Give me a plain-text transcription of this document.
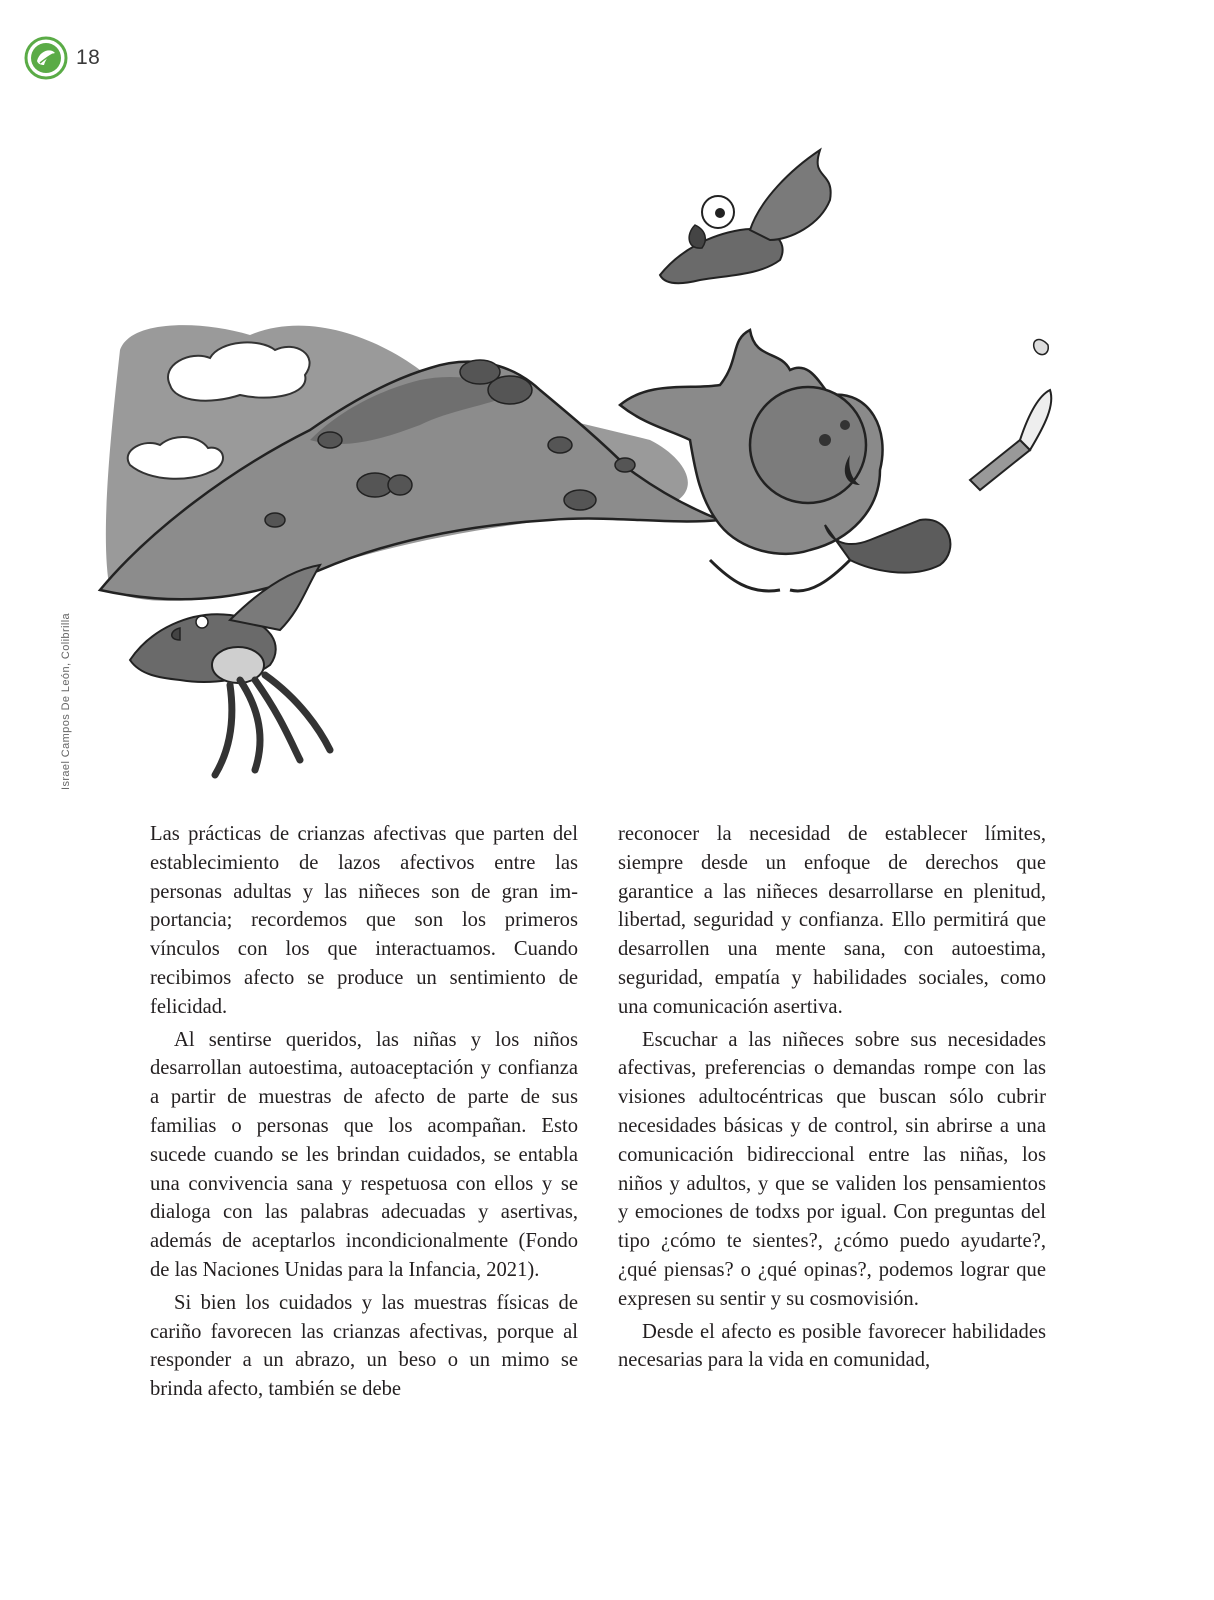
18
Israel Campos De León, Colibrilla

Las prácticas de crianzas afectivas que parten del establecimiento de lazos afectivos entre las personas adultas y las niñeces son de gran importancia; recordemos que son los primeros vínculos con los que interactuamos. Cuando recibimos afecto se produce un sentimiento de felicidad.

Al sentirse queridos, las niñas y los niños desarrollan autoestima, autoaceptación y confianza a partir de muestras de afecto de parte de sus familias o personas que los acompañan. Esto sucede cuando se les brindan cuidados, se entabla una convivencia sana y respetuosa con ellos y se dialoga con las palabras adecuadas y asertivas, además de aceptarlos incondicionalmente (Fondo de las Naciones Unidas para la Infancia, 2021).

Si bien los cuidados y las muestras físicas de cariño favorecen las crianzas afectivas, porque al responder a un abrazo, un beso o un mimo se brinda afecto, también se debe

reconocer la necesidad de establecer límites, siempre desde un enfoque de derechos que garantice a las niñeces desarrollarse en plenitud, libertad, seguridad y confianza. Ello permitirá que desarrollen una mente sana, con autoestima, seguridad, empatía y habilidades sociales, como una comunicación asertiva.

Escuchar a las niñeces sobre sus necesidades afectivas, preferencias o demandas rompe con las visiones adultocéntricas que buscan sólo cubrir necesidades básicas y de control, sin abrirse a una comunicación bidireccional entre las niñas, los niños y adultos, y que se validen los pensamientos y emociones de todxs por igual. Con preguntas del tipo ¿cómo te sientes?, ¿cómo puedo ayudarte?, ¿qué piensas? o ¿qué opinas?, podemos lograr que expresen su sentir y su cosmovisión.

Desde el afecto es posible favorecer habilidades necesarias para la vida en comunidad,
